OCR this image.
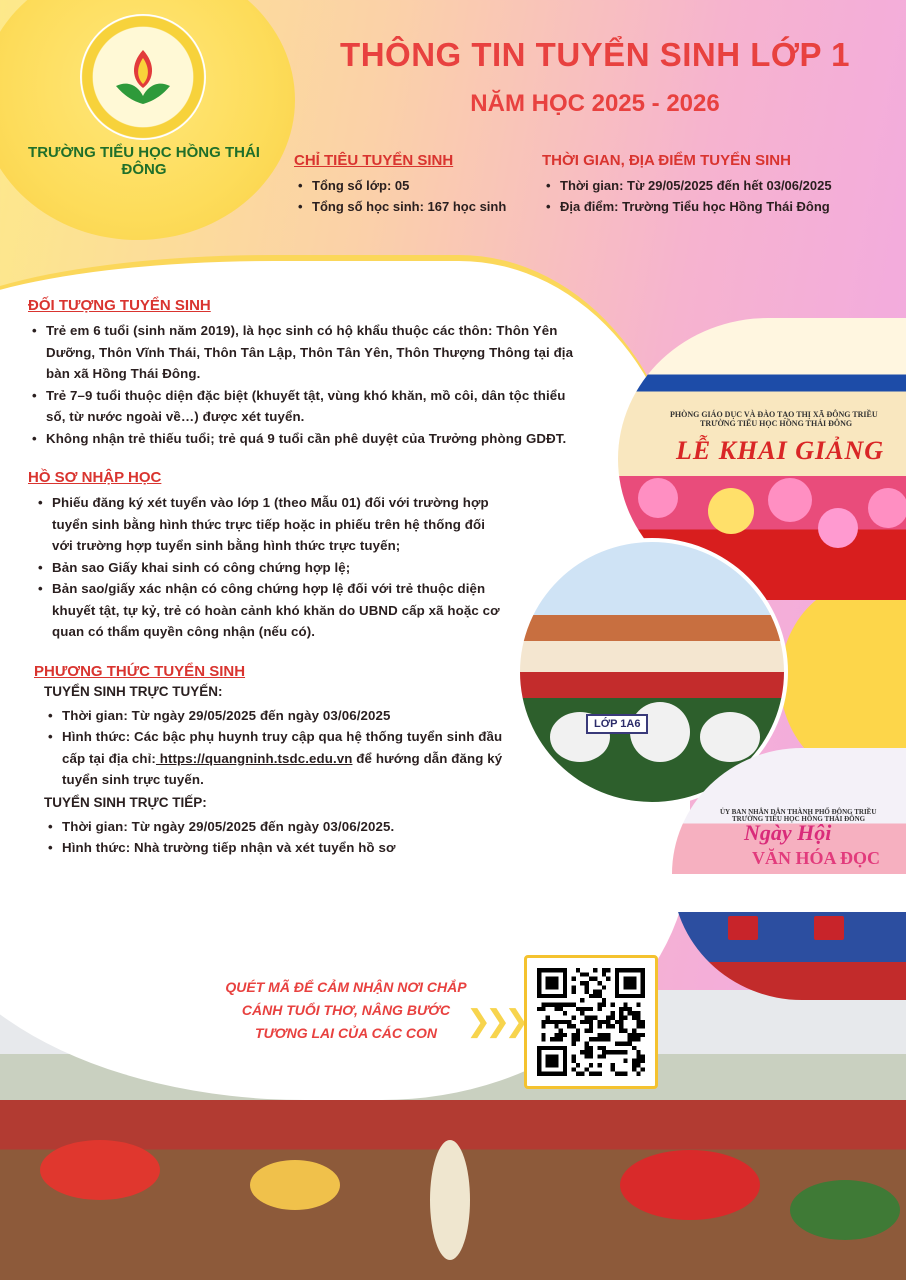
TRƯỜNG TIỂU HỌC HỒNG THÁI ĐÔNG
THÔNG TIN TUYỂN SINH LỚP 1
NĂM HỌC 2025 - 2026
CHỈ TIÊU TUYỂN SINH
• Tổng số lớp: 05
• Tổng số học sinh: 167 học sinh
THỜI GIAN, ĐỊA ĐIỂM TUYỂN SINH
• Thời gian: Từ 29/05/2025 đến hết 03/06/2025
• Địa điểm: Trường Tiểu học Hồng Thái Đông
PHÒNG GIÁO DỤC VÀ ĐÀO TẠO THỊ XÃ ĐÔNG TRIỀU
TRƯỜNG TIỂU HỌC HỒNG THÁI ĐÔNG
LỄ KHAI GIẢNG
LỚP 1A6
ỦY BAN NHÂN DÂN THÀNH PHỐ ĐÔNG TRIỀU
TRƯỜNG TIỂU HỌC HỒNG THÁI ĐÔNG
Ngày Hội
VĂN HÓA ĐỌC
ĐỐI TƯỢNG TUYỂN SINH
• Trẻ em 6 tuổi (sinh năm 2019), là học sinh có hộ khẩu thuộc các thôn: Thôn Yên Dưỡng, Thôn Vĩnh Thái, Thôn Tân Lập, Thôn Tân Yên, Thôn Thượng Thông tại địa bàn xã Hồng Thái Đông.
• Trẻ 7–9 tuổi thuộc diện đặc biệt (khuyết tật, vùng khó khăn, mồ côi, dân tộc thiểu số, từ nước ngoài về…) được xét tuyển.
• Không nhận trẻ thiếu tuổi; trẻ quá 9 tuổi cần phê duyệt của Trưởng phòng GDĐT.
HỒ SƠ NHẬP HỌC
• Phiếu đăng ký xét tuyển vào lớp 1 (theo Mẫu 01) đối với trường hợp tuyển sinh bằng hình thức trực tiếp hoặc in phiếu trên hệ thống đối với trường hợp tuyển sinh bằng hình thức trực tuyến;
• Bản sao Giấy khai sinh có công chứng hợp lệ;
• Bản sao/giấy xác nhận có công chứng hợp lệ đối với trẻ thuộc diện khuyết tật, tự kỷ, trẻ có hoàn cảnh khó khăn do UBND cấp xã hoặc cơ quan có thẩm quyền công nhận (nếu có).
PHƯƠNG THỨC TUYỂN SINH
TUYỂN SINH TRỰC TUYẾN:
• Thời gian: Từ ngày 29/05/2025 đến ngày 03/06/2025
• Hình thức: Các bậc phụ huynh truy cập qua hệ thống tuyển sinh đầu cấp tại địa chỉ: https://quangninh.tsdc.edu.vn để hướng dẫn đăng ký tuyển sinh trực tuyến.
TUYỂN SINH TRỰC TIẾP:
• Thời gian: Từ ngày 29/05/2025 đến ngày 03/06/2025.
• Hình thức: Nhà trường tiếp nhận và xét tuyển hồ sơ
QUÉT MÃ ĐỂ CẢM NHẬN NƠI CHẮP CÁNH TUỔI THƠ, NÂNG BƯỚC TƯƠNG LAI CỦA CÁC CON ❯❯❯
